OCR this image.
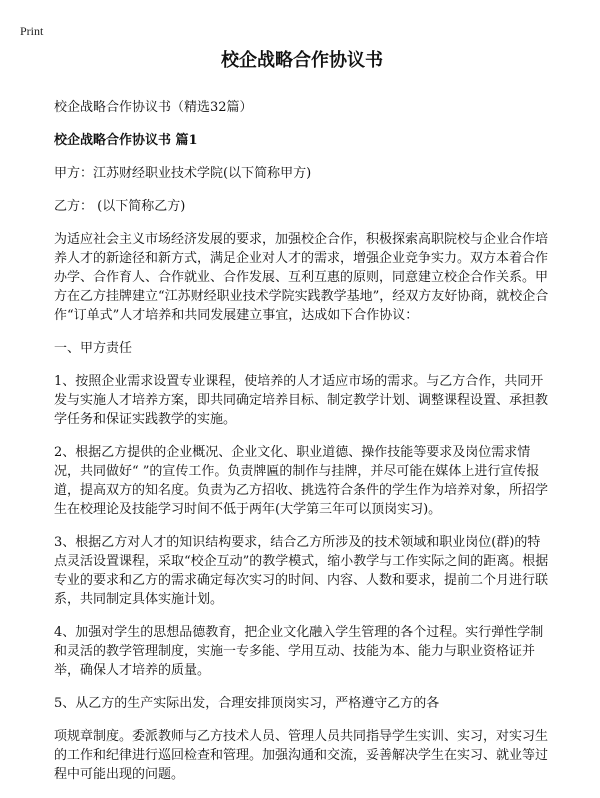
Print
校企战略合作协议书

校企战略合作协议书（精选32篇）

校企战略合作协议书 篇1

甲方：江苏财经职业技术学院(以下简称甲方)

乙方： (以下简称乙方)

为适应社会主义市场经济发展的要求，加强校企合作，积极探索高职院校与企业合作培养人才的新途径和新方式，满足企业对人才的需求，增强企业竞争实力。双方本着合作办学、合作育人、合作就业、合作发展、互利互惠的原则，同意建立校企合作关系。甲方在乙方挂牌建立“江苏财经职业技术学院实践教学基地”，经双方友好协商，就校企合作“订单式”人才培养和共同发展建立事宜，达成如下合作协议：

一、甲方责任

1、按照企业需求设置专业课程，使培养的人才适应市场的需求。与乙方合作，共同开发与实施人才培养方案，即共同确定培养目标、制定教学计划、调整课程设置、承担教学任务和保证实践教学的实施。

2、根据乙方提供的企业概况、企业文化、职业道德、操作技能等要求及岗位需求情况，共同做好“ ”的宣传工作。负责牌匾的制作与挂牌，并尽可能在媒体上进行宣传报道，提高双方的知名度。负责为乙方招收、挑选符合条件的学生作为培养对象，所招学生在校理论及技能学习时间不低于两年(大学第三年可以顶岗实习)。

3、根据乙方对人才的知识结构要求，结合乙方所涉及的技术领域和职业岗位(群)的特点灵活设置课程，采取“校企互动”的教学模式，缩小教学与工作实际之间的距离。根据专业的要求和乙方的需求确定每次实习的时间、内容、人数和要求，提前二个月进行联系，共同制定具体实施计划。

4、加强对学生的思想品德教育，把企业文化融入学生管理的各个过程。实行弹性学制和灵活的教学管理制度，实施一专多能、学用互动、技能为本、能力与职业资格证并举，确保人才培养的质量。

5、从乙方的生产实际出发，合理安排顶岗实习，严格遵守乙方的各

项规章制度。委派教师与乙方技术人员、管理人员共同指导学生实训、实习，对实习生的工作和纪律进行巡回检查和管理。加强沟通和交流，妥善解决学生在实习、就业等过程中可能出现的问题。
